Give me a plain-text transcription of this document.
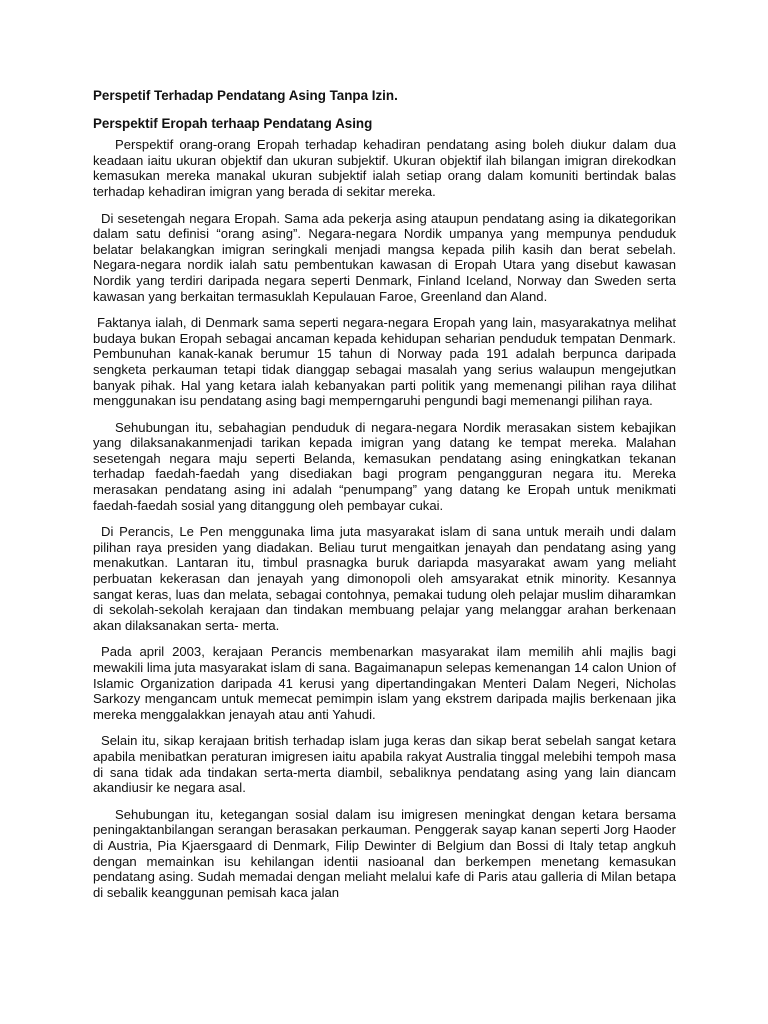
Perspetif Terhadap Pendatang Asing Tanpa Izin.

Perspektif Eropah terhaap Pendatang Asing

Perspektif orang-orang Eropah terhadap kehadiran pendatang asing boleh diukur dalam dua keadaan iaitu ukuran objektif dan ukuran subjektif. Ukuran objektif ilah bilangan imigran direkodkan kemasukan mereka manakal ukuran subjektif ialah setiap orang dalam komuniti bertindak balas terhadap kehadiran imigran yang berada di sekitar mereka.

Di sesetengah negara Eropah. Sama ada pekerja asing ataupun pendatang asing ia dikategorikan dalam satu definisi “orang asing”. Negara-negara Nordik umpanya yang mempunya penduduk belatar belakangkan imigran seringkali menjadi mangsa kepada pilih kasih dan berat sebelah. Negara-negara nordik ialah satu pembentukan kawasan di Eropah Utara yang disebut kawasan Nordik yang terdiri daripada negara seperti Denmark, Finland Iceland, Norway dan Sweden serta kawasan yang berkaitan termasuklah Kepulauan Faroe, Greenland dan Aland.

Faktanya ialah, di Denmark sama seperti negara-negara Eropah yang lain, masyarakatnya melihat budaya bukan Eropah sebagai ancaman kepada kehidupan seharian penduduk tempatan Denmark. Pembunuhan kanak-kanak berumur 15 tahun di Norway pada 191 adalah berpunca daripada sengketa perkauman tetapi tidak dianggap sebagai masalah yang serius walaupun mengejutkan banyak pihak. Hal yang ketara ialah kebanyakan parti politik yang memenangi pilihan raya dilihat menggunakan isu pendatang asing bagi memperngaruhi pengundi bagi memenangi pilihan raya.

Sehubungan itu, sebahagian penduduk di negara-negara Nordik merasakan sistem kebajikan yang dilaksanakanmenjadi tarikan kepada imigran yang datang ke tempat mereka. Malahan sesetengah negara maju seperti Belanda, kemasukan pendatang asing eningkatkan tekanan terhadap faedah-faedah yang disediakan bagi program pengangguran negara itu. Mereka merasakan pendatang asing ini adalah “penumpang” yang datang ke Eropah untuk menikmati faedah-faedah sosial yang ditanggung oleh pembayar cukai.

Di Perancis, Le Pen menggunaka lima juta masyarakat islam di sana untuk meraih undi dalam pilihan raya presiden yang diadakan. Beliau turut mengaitkan jenayah dan pendatang asing yang menakutkan. Lantaran itu, timbul prasnagka buruk dariapda masyarakat awam yang meliaht perbuatan kekerasan dan jenayah yang dimonopoli oleh amsyarakat etnik minority. Kesannya sangat keras, luas dan melata, sebagai contohnya, pemakai tudung oleh pelajar muslim diharamkan di sekolah-sekolah kerajaan dan tindakan membuang pelajar yang melanggar arahan berkenaan akan dilaksanakan serta- merta.

Pada april 2003, kerajaan Perancis membenarkan masyarakat ilam memilih ahli majlis bagi mewakili lima juta masyarakat islam di sana. Bagaimanapun selepas kemenangan 14 calon Union of Islamic Organization daripada 41 kerusi yang dipertandingakan Menteri Dalam Negeri, Nicholas Sarkozy mengancam untuk memecat pemimpin islam yang ekstrem daripada majlis berkenaan jika mereka menggalakkan jenayah atau anti Yahudi.

Selain itu, sikap kerajaan british terhadap islam juga keras dan sikap berat sebelah sangat ketara apabila menibatkan peraturan imigresen iaitu apabila rakyat Australia tinggal melebihi tempoh masa di sana tidak ada tindakan serta-merta diambil, sebaliknya pendatang asing yang lain diancam akandiusir ke negara asal.

Sehubungan itu, ketegangan sosial dalam isu imigresen meningkat dengan ketara bersama peningaktanbilangan serangan berasakan perkauman. Penggerak sayap kanan seperti Jorg Haoder di Austria, Pia Kjaersgaard di Denmark, Filip Dewinter di Belgium dan Bossi di Italy tetap angkuh dengan memainkan isu kehilangan identii nasioanal dan berkempen menetang kemasukan pendatang asing. Sudah memadai dengan meliaht melalui kafe di Paris atau galleria di Milan betapa di sebalik keanggunan pemisah kaca jalan
